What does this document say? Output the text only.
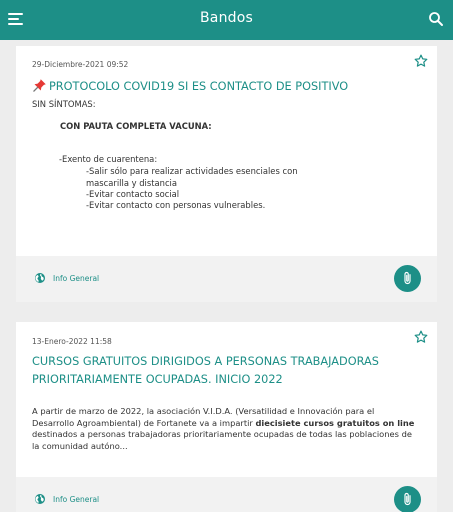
Bandos
29-Diciembre-2021 09:52
PROTOCOLO COVID19 SI ES CONTACTO DE POSITIVO
SIN SÍNTOMAS:
CON PAUTA COMPLETA VACUNA:
-Exento de cuarentena:
-Salir sólo para realizar actividades esenciales con
mascarilla y distancia
-Evitar contacto social
-Evitar contacto con personas vulnerables.
Info General
13-Enero-2022 11:58
CURSOS GRATUITOS DIRIGIDOS A PERSONAS TRABAJADORAS PRIORITARIAMENTE OCUPADAS. INICIO 2022
A partir de marzo de 2022, la asociación V.I.D.A. (Versatilidad e Innovación para el Desarrollo Agroambiental) de Fortanete va a impartir diecisiete cursos gratuitos on line destinados a personas trabajadoras prioritariamente ocupadas de todas las poblaciones de la comunidad autóno...
Info General
